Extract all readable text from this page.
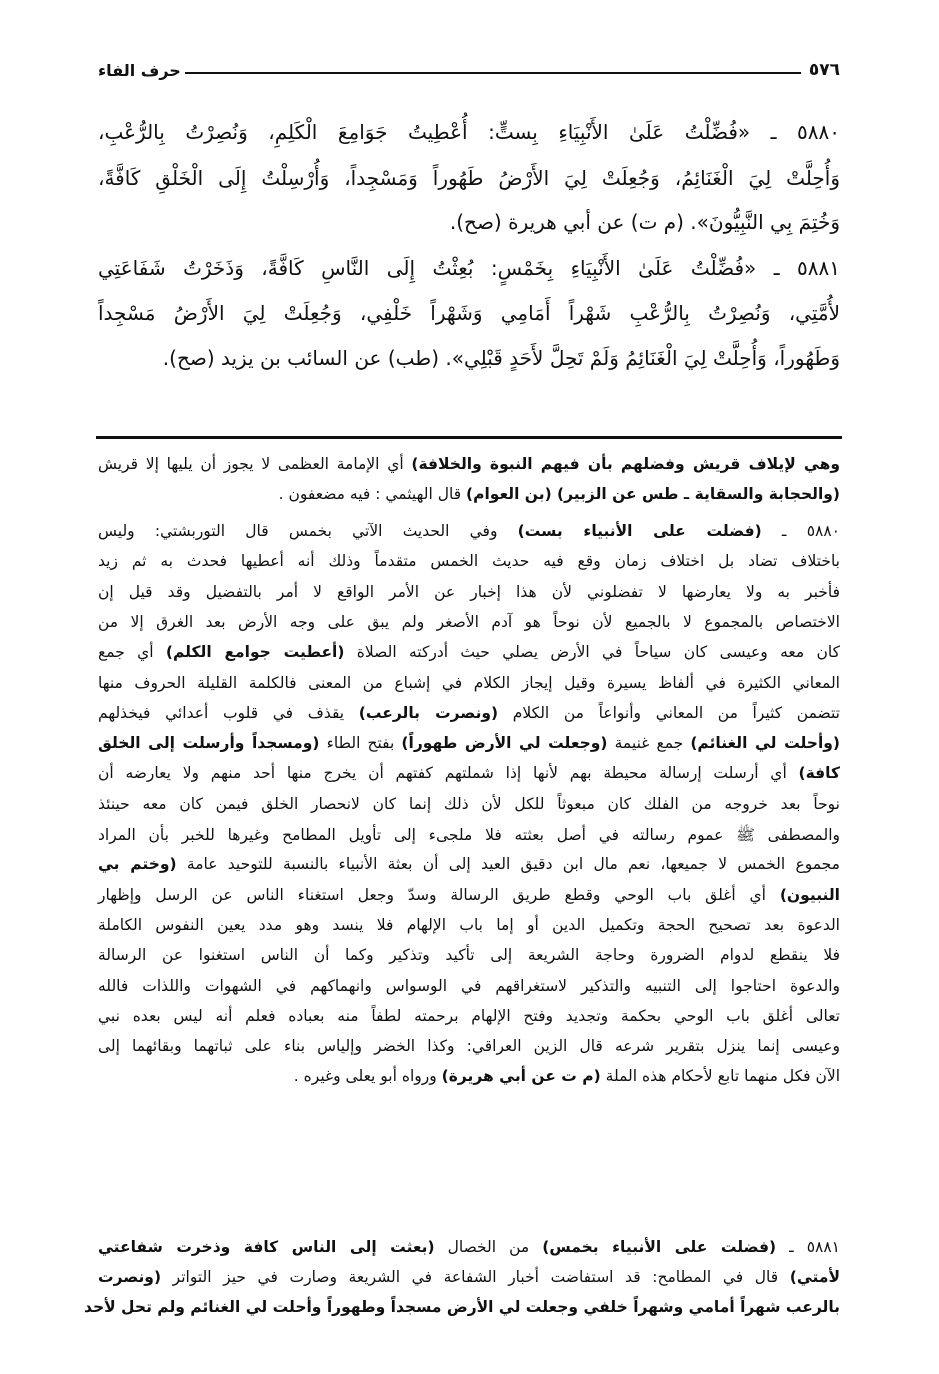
٥٧٦
حرف الفاء
٥٨٨٠ ـ «فُضِّلْتُ عَلَىٰ الأَنْبِيَاءِ بِستٍّ: أُعْطِيتُ جَوَامِعَ الْكَلِمِ، وَنُصِرْتُ بِالرُّعْبِ،
وَأُحِلَّتْ لِيَ الْغَنَائِمُ، وَجُعِلَتْ لِيَ الأَرْضُ طَهُوراً وَمَسْجِداً، وَأُرْسِلْتُ إِلَى الْخَلْقِ كَافَّةً،
وَخُتِمَ بِي النَّبِيُّونَ». (م ت) عن أبي هريرة (صح).
٥٨٨١ ـ «فُضِّلْتُ عَلَىٰ الأَنْبِيَاءِ بِخَمْسٍ: بُعِثْتُ إِلَى النَّاسِ كَافَّةً، وَذَخَرْتُ شَفَاعَتِي
لأُمَّتِي، وَنُصِرْتُ بِالرُّعْبِ شَهْراً أَمَامِي وَشَهْراً خَلْفِي، وَجُعِلَتْ لِيَ الأَرْضُ مَسْجِداً
وَطَهُوراً، وَأُحِلَّتْ لِيَ الْغَنَائِمُ وَلَمْ تَحِلَّ لأَحَدٍ قَبْلِي». (طب) عن السائب بن يزيد (صح).
وهي لإيلاف قريش وفضلهم بأن فيهم النبوة والخلافة) أي الإمامة العظمى لا يجوز أن يليها إلا قريش
(والحجابة والسقاية ـ طس عن الزبير) (بن العوام) قال الهيثمي : فيه مضعفون .
٥٨٨٠ ـ (فضلت على الأنبياء بست) وفي الحديث الآتي بخمس قال التوربشتي: وليس
باختلاف تضاد بل اختلاف زمان وقع فيه حديث الخمس متقدماً وذلك أنه أعطيها فحدث به ثم زيد
فأخبر به ولا يعارضها لا تفضلوني لأن هذا إخبار عن الأمر الواقع لا أمر بالتفضيل وقد قيل إن
الاختصاص بالمجموع لا بالجميع لأن نوحاً هو آدم الأصغر ولم يبق على وجه الأرض بعد الغرق إلا من
كان معه وعيسى كان سياحاً في الأرض يصلي حيث أدركته الصلاة (أعطيت جوامع الكلم) أي جمع
المعاني الكثيرة في ألفاظ يسيرة وقيل إيجاز الكلام في إشباع من المعنى فالكلمة القليلة الحروف منها
تتضمن كثيراً من المعاني وأنواعاً من الكلام (ونصرت بالرعب) يقذف في قلوب أعدائي فيخذلهم
(وأحلت لي الغنائم) جمع غنيمة (وجعلت لي الأرض طهوراً) بفتح الطاء (ومسجداً وأرسلت إلى الخلق
كافة) أي أرسلت إرسالة محيطة بهم لأنها إذا شملتهم كفتهم أن يخرج منها أحد منهم ولا يعارضه أن
نوحاً بعد خروجه من الفلك كان مبعوثاً للكل لأن ذلك إنما كان لانحصار الخلق فيمن كان معه حينئذ
والمصطفى ﷺ عموم رسالته في أصل بعثته فلا ملجىء إلى تأويل المطامح وغيرها للخبر بأن المراد
مجموع الخمس لا جميعها، نعم مال ابن دقيق العيد إلى أن بعثة الأنبياء بالنسبة للتوحيد عامة (وختم بي
النبيون) أي أغلق باب الوحي وقطع طريق الرسالة وسدّ وجعل استغناء الناس عن الرسل وإظهار
الدعوة بعد تصحيح الحجة وتكميل الدين أو إما باب الإلهام فلا ينسد وهو مدد يعين النفوس الكاملة
فلا ينقطع لدوام الضرورة وحاجة الشريعة إلى تأكيد وتذكير وكما أن الناس استغنوا عن الرسالة
والدعوة احتاجوا إلى التنبيه والتذكير لاستغراقهم في الوسواس وانهماكهم في الشهوات واللذات فالله
تعالى أغلق باب الوحي بحكمة وتجديد وفتح الإلهام برحمته لطفاً منه بعباده فعلم أنه ليس بعده نبي
وعيسى إنما ينزل بتقرير شرعه قال الزين العراقي: وكذا الخضر وإلياس بناء على ثباتهما وبقائهما إلى
الآن فكل منهما تابع لأحكام هذه الملة (م ت عن أبي هريرة) ورواه أبو يعلى وغيره .
٥٨٨١ ـ (فضلت على الأنبياء بخمس) من الخصال (بعثت إلى الناس كافة وذخرت شفاعتي
لأمتي) قال في المطامح: قد استفاضت أخبار الشفاعة في الشريعة وصارت في حيز التواتر (ونصرت
بالرعب شهراً أمامي وشهراً خلفي وجعلت لي الأرض مسجداً وطهوراً وأحلت لي الغنائم ولم تحل لأحد
